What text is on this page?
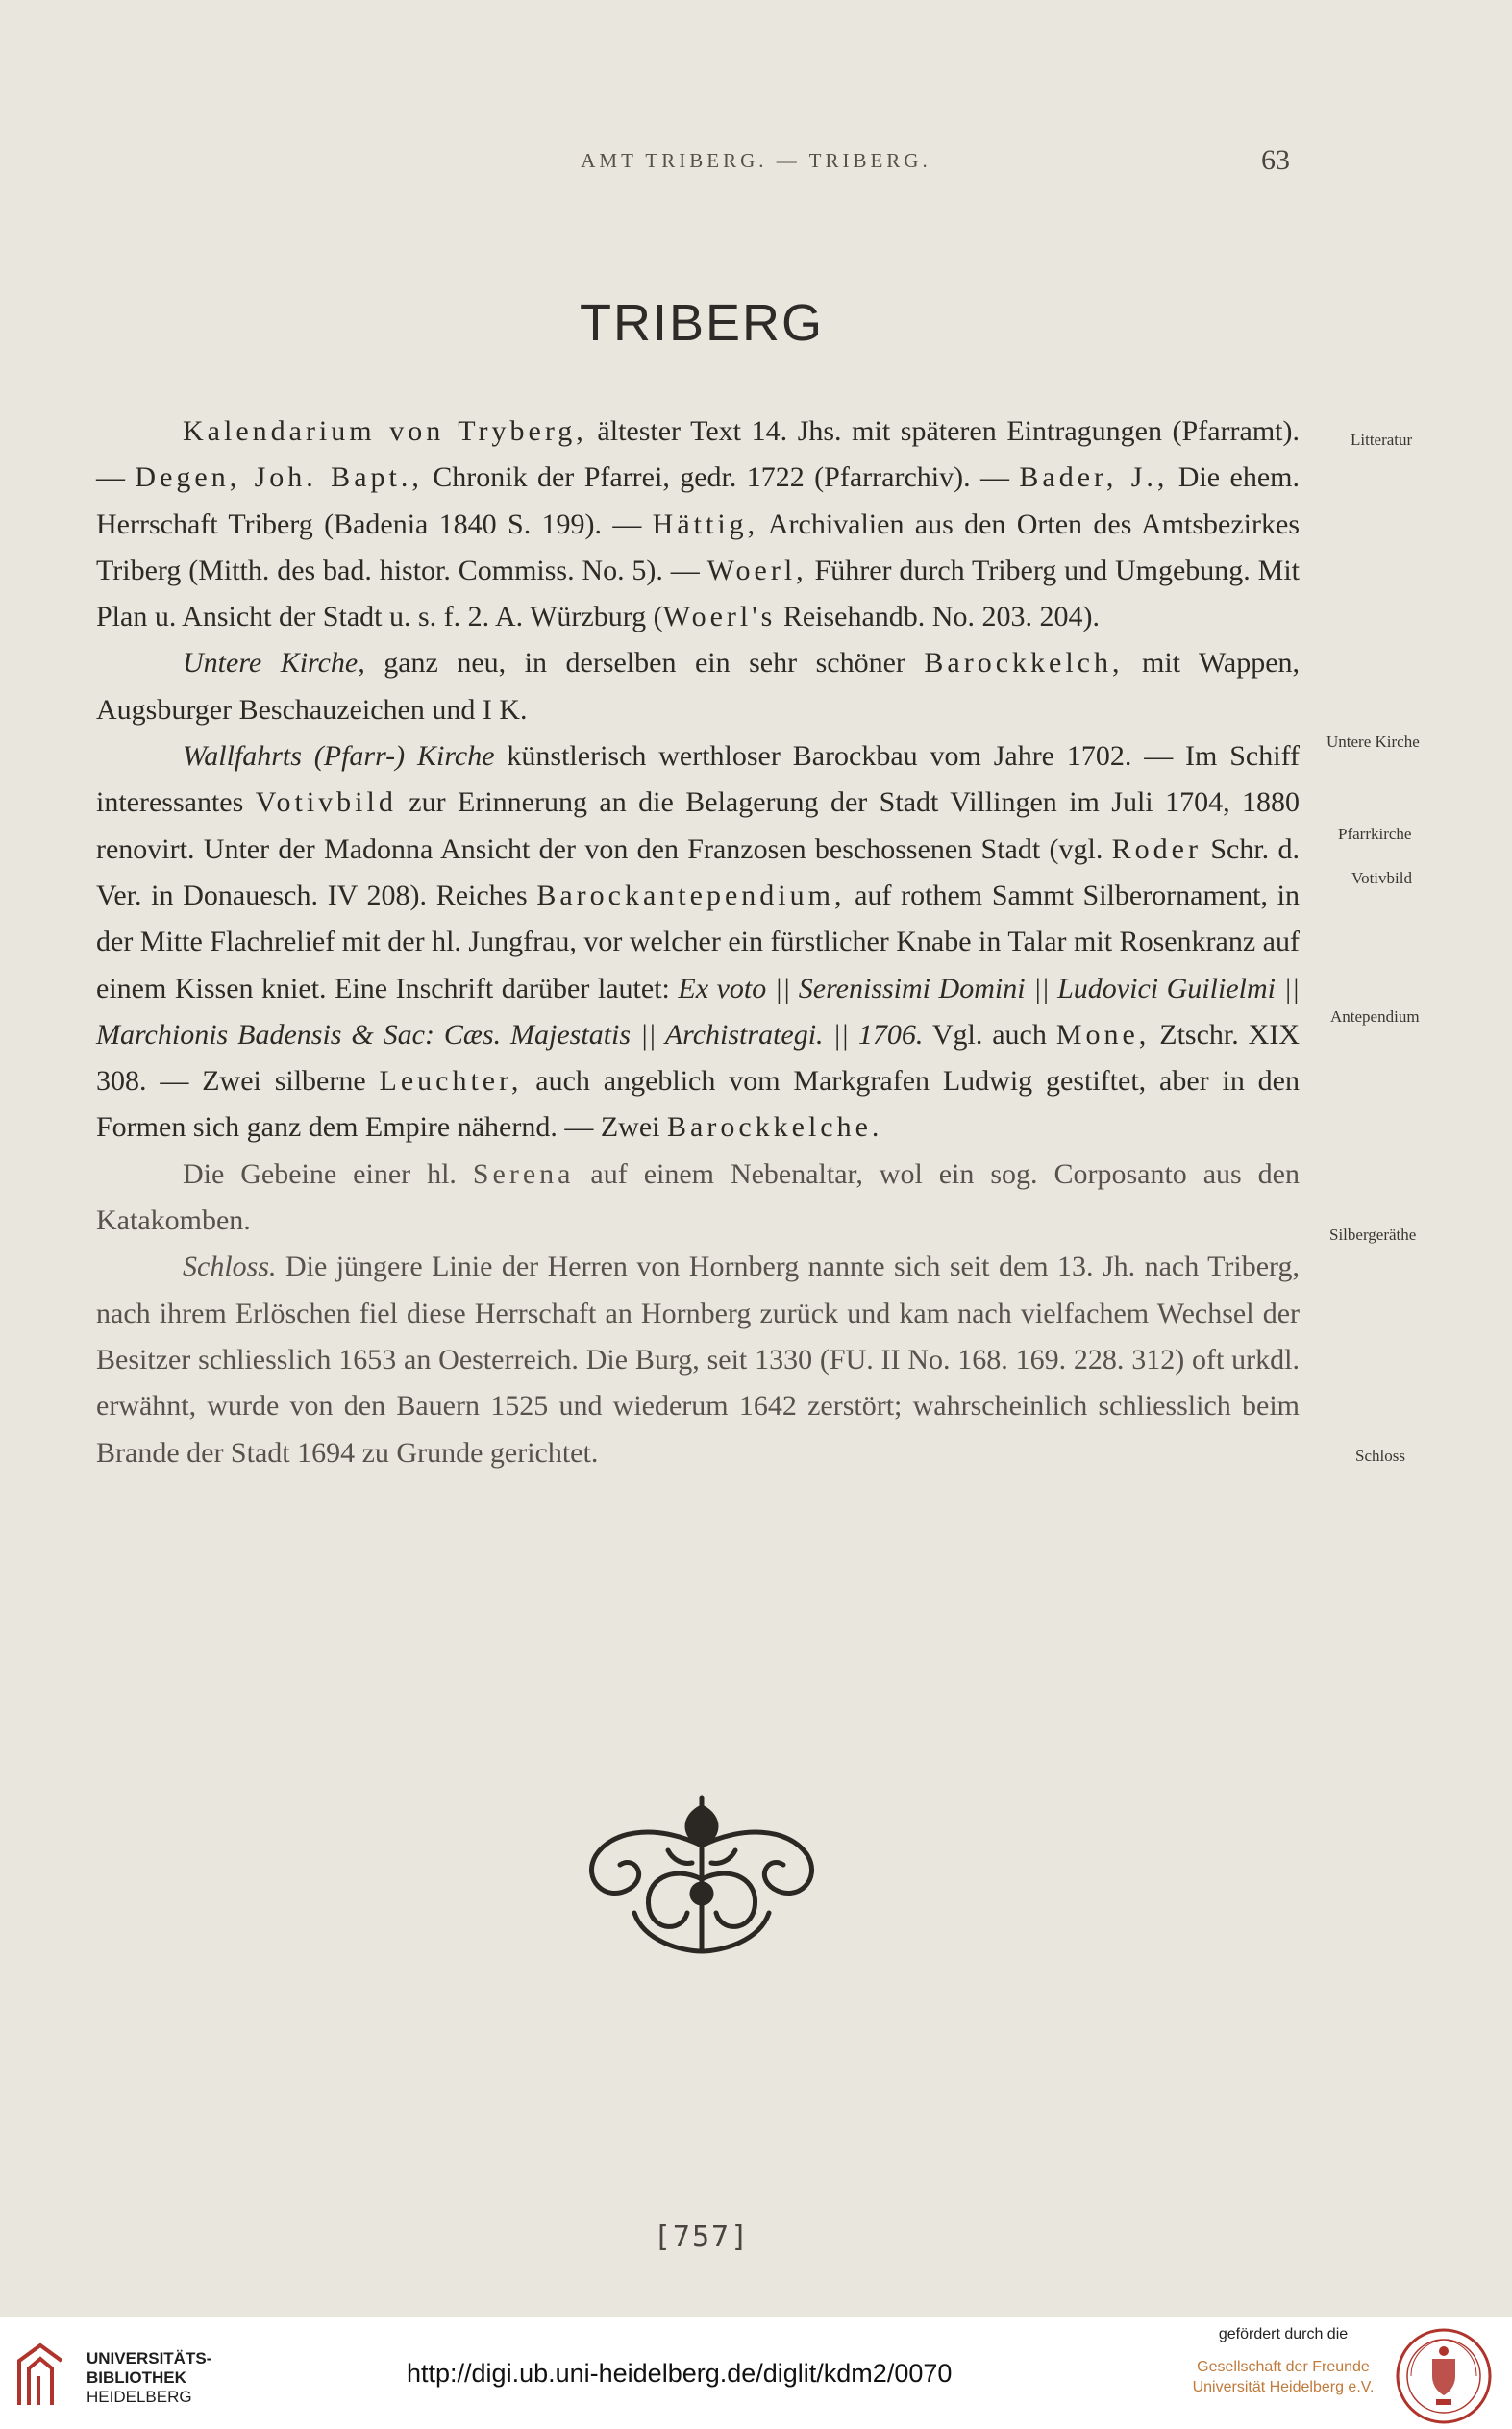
AMT TRIBERG. — TRIBERG.	63
TRIBERG

Kalendarium von Tryberg, ältester Text 14. Jhs. mit späteren Eintragungen (Pfarramt). — Degen, Joh. Bapt., Chronik der Pfarrei, gedr. 1722 (Pfarrarchiv). — Bader, J., Die ehem. Herrschaft Triberg (Badenia 1840 S. 199). — Hättig, Archivalien aus den Orten des Amtsbezirkes Triberg (Mitth. des bad. histor. Commiss. No. 5). — Woerl, Führer durch Triberg und Umgebung. Mit Plan u. Ansicht der Stadt u. s. f. 2. A. Würzburg (Woerl's Reisehandb. No. 203. 204).

Untere Kirche, ganz neu, in derselben ein sehr schöner Barockkelch, mit Wappen, Augsburger Beschauzeichen und I K.

Wallfahrts (Pfarr-) Kirche künstlerisch werthloser Barockbau vom Jahre 1702. — Im Schiff interessantes Votivbild zur Erinnerung an die Belagerung der Stadt Villingen im Juli 1704, 1880 renovirt. Unter der Madonna Ansicht der von den Franzosen beschossenen Stadt (vgl. Roder Schr. d. Ver. in Donauesch. IV 208). Reiches Barockantependium, auf rothem Sammt Silberornament, in der Mitte Flachrelief mit der hl. Jungfrau, vor welcher ein fürstlicher Knabe in Talar mit Rosenkranz auf einem Kissen kniet. Eine Inschrift darüber lautet: Ex voto || Serenissimi Domini || Ludovici Guilielmi || Marchionis Badensis & Sac: Cæs. Majestatis || Archistrategi. || 1706. Vgl. auch Mone, Ztschr. XIX 308. — Zwei silberne Leuchter, auch angeblich vom Markgrafen Ludwig gestiftet, aber in den Formen sich ganz dem Empire nähernd. — Zwei Barockkelche.

Die Gebeine einer hl. Serena auf einem Nebenaltar, wol ein sog. Corposanto aus den Katakomben.

Schloss. Die jüngere Linie der Herren von Hornberg nannte sich seit dem 13. Jh. nach Triberg, nach ihrem Erlöschen fiel diese Herrschaft an Hornberg zurück und kam nach vielfachem Wechsel der Besitzer schliesslich 1653 an Oesterreich. Die Burg, seit 1330 (FU. II No. 168. 169. 228. 312) oft urkdl. erwähnt, wurde von den Bauern 1525 und wiederum 1642 zerstört; wahrscheinlich schliesslich beim Brande der Stadt 1694 zu Grunde gerichtet.

Litteratur
Untere Kirche
Pfarrkirche
Votivbild
Antependium
Silbergeräthe
Schloss
[757]
UNIVERSITÄTS-
BIBLIOTHEK
HEIDELBERG
http://digi.ub.uni-heidelberg.de/diglit/kdm2/0070
gefördert durch die
Gesellschaft der Freunde
Universität Heidelberg e.V.
